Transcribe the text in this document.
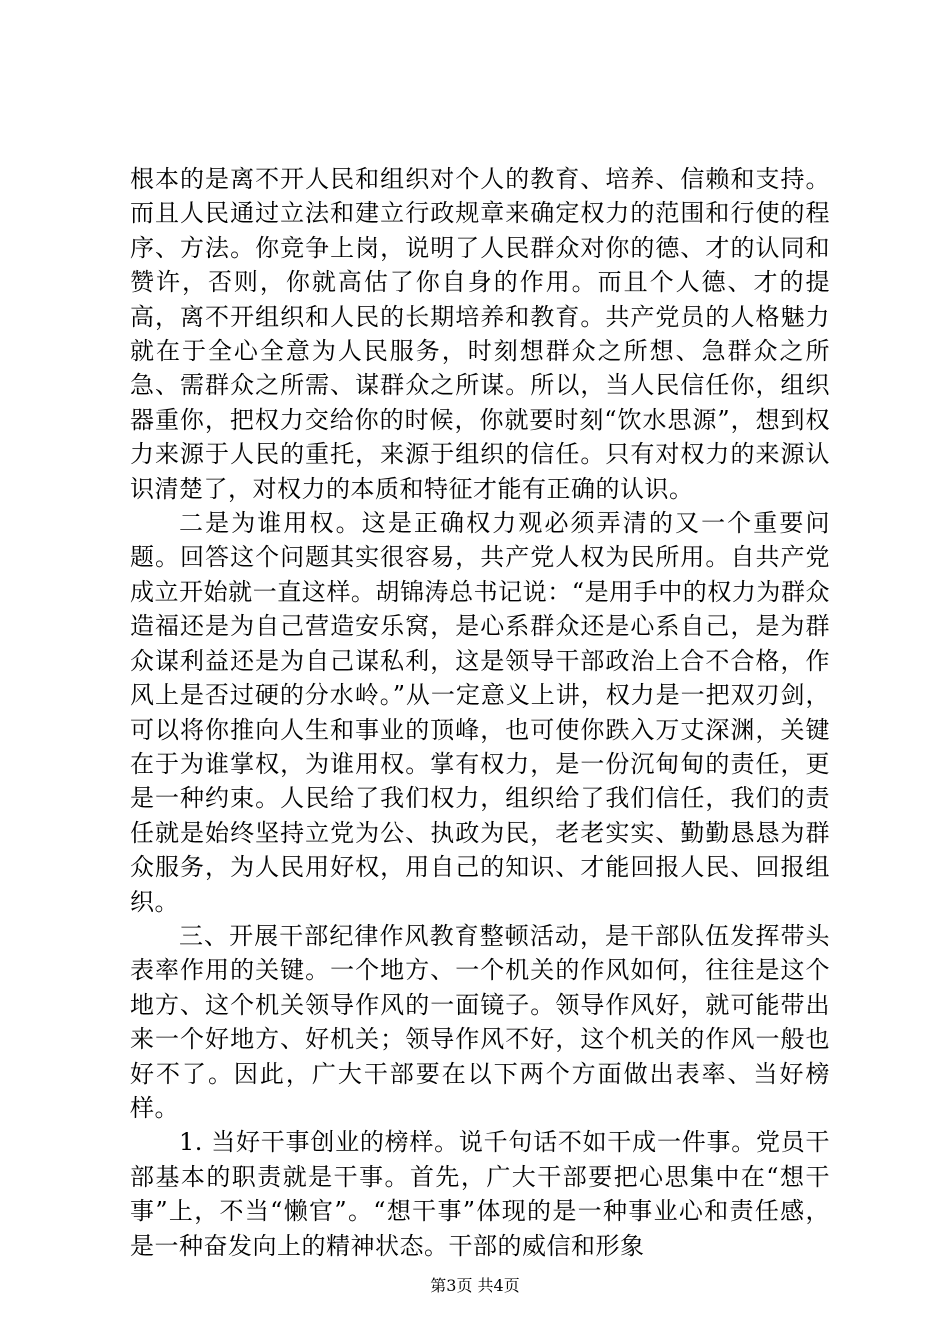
根本的是离不开人民和组织对个人的教育、培养、信赖和支持。而且人民通过立法和建立行政规章来确定权力的范围和行使的程序、方法。你竞争上岗，说明了人民群众对你的德、才的认同和赞许，否则，你就高估了你自身的作用。而且个人德、才的提高，离不开组织和人民的长期培养和教育。共产党员的人格魅力就在于全心全意为人民服务，时刻想群众之所想、急群众之所急、需群众之所需、谋群众之所谋。所以，当人民信任你，组织器重你，把权力交给你的时候，你就要时刻“饮水思源”，想到权力来源于人民的重托，来源于组织的信任。只有对权力的来源认识清楚了，对权力的本质和特征才能有正确的认识。

二是为谁用权。这是正确权力观必须弄清的又一个重要问题。回答这个问题其实很容易，共产党人权为民所用。自共产党成立开始就一直这样。胡锦涛总书记说：“是用手中的权力为群众造福还是为自己营造安乐窝，是心系群众还是心系自己，是为群众谋利益还是为自己谋私利，这是领导干部政治上合不合格，作风上是否过硬的分水岭。”从一定意义上讲，权力是一把双刃剑，可以将你推向人生和事业的顶峰，也可使你跌入万丈深渊，关键在于为谁掌权，为谁用权。掌有权力，是一份沉甸甸的责任，更是一种约束。人民给了我们权力，组织给了我们信任，我们的责任就是始终坚持立党为公、执政为民，老老实实、勤勤恳恳为群众服务，为人民用好权，用自己的知识、才能回报人民、回报组织。

三、开展干部纪律作风教育整顿活动，是干部队伍发挥带头表率作用的关键。一个地方、一个机关的作风如何，往往是这个地方、这个机关领导作风的一面镜子。领导作风好，就可能带出来一个好地方、好机关；领导作风不好，这个机关的作风一般也好不了。因此，广大干部要在以下两个方面做出表率、当好榜样。

1. 当好干事创业的榜样。说千句话不如干成一件事。党员干部基本的职责就是干事。首先，广大干部要把心思集中在“想干事”上，不当“懒官”。“想干事”体现的是一种事业心和责任感，是一种奋发向上的精神状态。干部的威信和形象

第3页 共4页
